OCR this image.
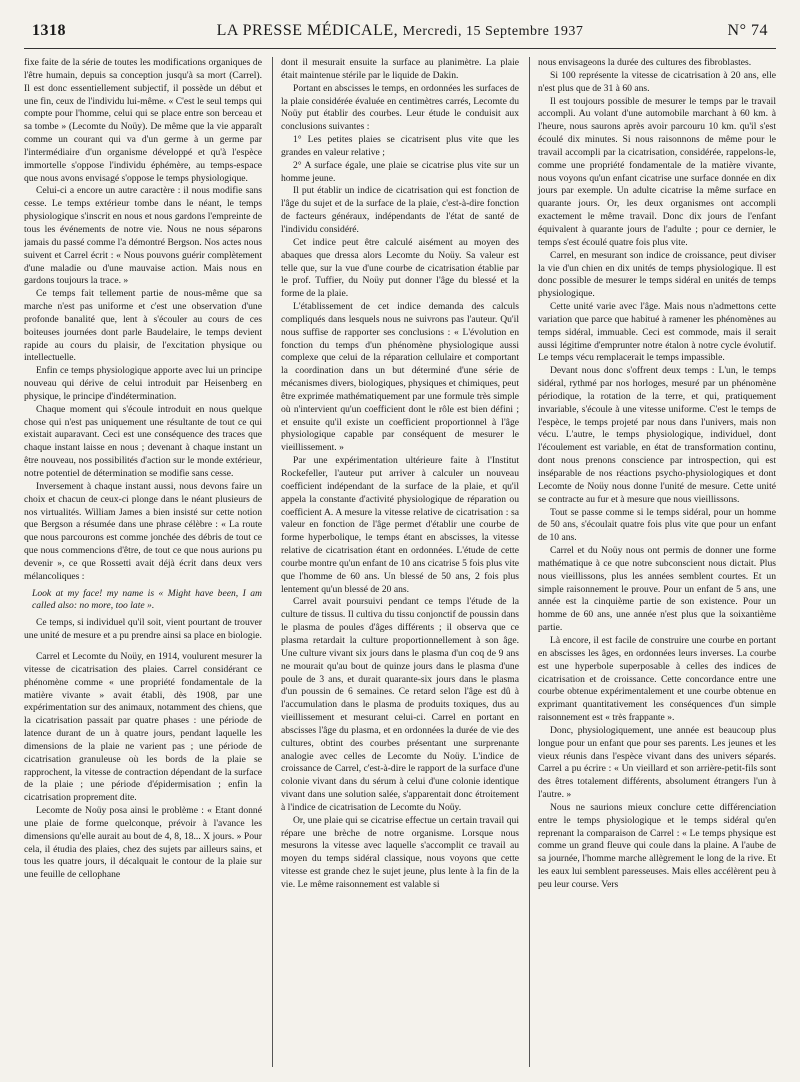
1318	LA PRESSE MÉDICALE, Mercredi, 15 Septembre 1937	N° 74

fixe faite de la série de toutes les modifications organiques de l'être humain, depuis sa conception jusqu'à sa mort (Carrel). Il est donc essentiellement subjectif, il possède un début et une fin, ceux de l'individu lui-même. « C'est le seul temps qui compte pour l'homme, celui qui se place entre son berceau et sa tombe » (Lecomte du Noüy). De même que la vie apparaît comme un courant qui va d'un germe à un germe par l'intermédiaire d'un organisme développé et qu'à l'espèce immortelle s'oppose l'individu éphémère, au temps-espace que nous avons envisagé s'oppose le temps physiologique.

Celui-ci a encore un autre caractère : il nous modifie sans cesse. Le temps extérieur tombe dans le néant, le temps physiologique s'inscrit en nous et nous gardons l'empreinte de tous les événements de notre vie. Nous ne nous séparons jamais du passé comme l'a démontré Bergson. Nos actes nous suivent et Carrel écrit : « Nous pouvons guérir complètement d'une maladie ou d'une mauvaise action. Mais nous en gardons toujours la trace. »

Ce temps fait tellement partie de nous-même que sa marche n'est pas uniforme et c'est une observation d'une profonde banalité que, lent à s'écouler au cours de ces boiteuses journées dont parle Baudelaire, le temps devient rapide au cours du plaisir, de l'excitation physique ou intellectuelle.

Enfin ce temps physiologique apporte avec lui un principe nouveau qui dérive de celui introduit par Heisenberg en physique, le principe d'indétermination.

Chaque moment qui s'écoule introduit en nous quelque chose qui n'est pas uniquement une résultante de tout ce qui existait auparavant. Ceci est une conséquence des traces que chaque instant laisse en nous ; devenant à chaque instant un être nouveau, nos possibilités d'action sur le monde extérieur, notre potentiel de détermination se modifie sans cesse.

Inversement à chaque instant aussi, nous devons faire un choix et chacun de ceux-ci plonge dans le néant plusieurs de nos virtualités. William James a bien insisté sur cette notion que Bergson a résumée dans une phrase célèbre : « La route que nous parcourons est comme jonchée des débris de tout ce que nous commencions d'être, de tout ce que nous aurions pu devenir », ce que Rossetti avait déjà écrit dans deux vers mélancoliques :

Look at my face! my name is « Might have been, I am called also: no more, too late ».

Ce temps, si individuel qu'il soit, vient pourtant de trouver une unité de mesure et a pu prendre ainsi sa place en biologie.

Carrel et Lecomte du Noüy, en 1914, voulurent mesurer la vitesse de cicatrisation des plaies. Carrel considérant ce phénomène comme « une propriété fondamentale de la matière vivante » avait établi, dès 1908, par une expérimentation sur des animaux, notamment des chiens, que la cicatrisation passait par quatre phases : une période de latence durant de un à quatre jours, pendant laquelle les dimensions de la plaie ne varient pas ; une période de cicatrisation granuleuse où les bords de la plaie se rapprochent, la vitesse de contraction dépendant de la surface de la plaie ; une période d'épidermisation ; enfin la cicatrisation proprement dite.

Lecomte de Noüy posa ainsi le problème : « Etant donné une plaie de forme quelconque, prévoir à l'avance les dimensions qu'elle aurait au bout de 4, 8, 18... X jours. » Pour cela, il étudia des plaies, chez des sujets par ailleurs sains, et tous les quatre jours, il décalquait le contour de la plaie sur une feuille de cellophane

dont il mesurait ensuite la surface au planimètre. La plaie était maintenue stérile par le liquide de Dakin.

Portant en abscisses le temps, en ordonnées les surfaces de la plaie considérée évaluée en centimètres carrés, Lecomte du Noüy put établir des courbes. Leur étude le conduisit aux conclusions suivantes :

1° Les petites plaies se cicatrisent plus vite que les grandes en valeur relative ;

2° A surface égale, une plaie se cicatrise plus vite sur un homme jeune.

Il put établir un indice de cicatrisation qui est fonction de l'âge du sujet et de la surface de la plaie, c'est-à-dire fonction de facteurs généraux, indépendants de l'état de santé de l'individu considéré.

Cet indice peut être calculé aisément au moyen des abaques que dressa alors Lecomte du Noüy. Sa valeur est telle que, sur la vue d'une courbe de cicatrisation établie par le prof. Tuffier, du Noüy put donner l'âge du blessé et la forme de la plaie.

L'établissement de cet indice demanda des calculs compliqués dans lesquels nous ne suivrons pas l'auteur. Qu'il nous suffise de rapporter ses conclusions : « L'évolution en fonction du temps d'un phénomène physiologique aussi complexe que celui de la réparation cellulaire et comportant la coordination dans un but déterminé d'une série de mécanismes divers, biologiques, physiques et chimiques, peut être exprimée mathématiquement par une formule très simple où n'intervient qu'un coefficient dont le rôle est bien défini ; et ensuite qu'il existe un coefficient proportionnel à l'âge physiologique capable par conséquent de mesurer le vieillissement. »

Par une expérimentation ultérieure faite à l'Institut Rockefeller, l'auteur put arriver à calculer un nouveau coefficient indépendant de la surface de la plaie, et qu'il appela la constante d'activité physiologique de réparation ou coefficient A. A mesure la vitesse relative de cicatrisation : sa valeur en fonction de l'âge permet d'établir une courbe de forme hyperbolique, le temps étant en abscisses, la vitesse relative de cicatrisation étant en ordonnées. L'étude de cette courbe montre qu'un enfant de 10 ans cicatrise 5 fois plus vite que l'homme de 60 ans. Un blessé de 50 ans, 2 fois plus lentement qu'un blessé de 20 ans.

Carrel avait poursuivi pendant ce temps l'étude de la culture de tissus. Il cultiva du tissu conjonctif de poussin dans le plasma de poules d'âges différents ; il observa que ce plasma retardait la culture proportionnellement à son âge. Une culture vivant six jours dans le plasma d'un coq de 9 ans ne mourait qu'au bout de quinze jours dans le plasma d'une poule de 3 ans, et durait quarante-six jours dans le plasma d'un poussin de 6 semaines. Ce retard selon l'âge est dû à l'accumulation dans le plasma de produits toxiques, dus au vieillissement et mesurant celui-ci. Carrel en portant en abscisses l'âge du plasma, et en ordonnées la durée de vie des cultures, obtint des courbes présentant une surprenante analogie avec celles de Lecomte du Noüy. L'indice de croissance de Carrel, c'est-à-dire le rapport de la surface d'une colonie vivant dans du sérum à celui d'une colonie identique vivant dans une solution salée, s'apparentait donc étroitement à l'indice de cicatrisation de Lecomte du Noüy.

Or, une plaie qui se cicatrise effectue un certain travail qui répare une brèche de notre organisme. Lorsque nous mesurons la vitesse avec laquelle s'accomplit ce travail au moyen du temps sidéral classique, nous voyons que cette vitesse est grande chez le sujet jeune, plus lente à la fin de la vie. Le même raisonnement est valable si

nous envisageons la durée des cultures des fibroblastes.

Si 100 représente la vitesse de cicatrisation à 20 ans, elle n'est plus que de 31 à 60 ans.

Il est toujours possible de mesurer le temps par le travail accompli. Au volant d'une automobile marchant à 60 km. à l'heure, nous saurons après avoir parcouru 10 km. qu'il s'est écoulé dix minutes. Si nous raisonnons de même pour le travail accompli par la cicatrisation, considérée, rappelons-le, comme une propriété fondamentale de la matière vivante, nous voyons qu'un enfant cicatrise une surface donnée en dix jours par exemple. Un adulte cicatrise la même surface en quarante jours. Or, les deux organismes ont accompli exactement le même travail. Donc dix jours de l'enfant équivalent à quarante jours de l'adulte ; pour ce dernier, le temps s'est écoulé quatre fois plus vite.

Carrel, en mesurant son indice de croissance, peut diviser la vie d'un chien en dix unités de temps physiologique. Il est donc possible de mesurer le temps sidéral en unités de temps physiologique.

Cette unité varie avec l'âge. Mais nous n'admettons cette variation que parce que habitué à ramener les phénomènes au temps sidéral, immuable. Ceci est commode, mais il serait aussi légitime d'emprunter notre étalon à notre cycle évolutif. Le temps vécu remplacerait le temps impassible.

Devant nous donc s'offrent deux temps : L'un, le temps sidéral, rythmé par nos horloges, mesuré par un phénomène périodique, la rotation de la terre, et qui, pratiquement invariable, s'écoule à une vitesse uniforme. C'est le temps de l'espèce, le temps projeté par nous dans l'univers, mais non vécu. L'autre, le temps physiologique, individuel, dont l'écoulement est variable, en état de transformation continu, dont nous prenons conscience par introspection, qui est inséparable de nos réactions psycho-physiologiques et dont Lecomte de Noüy nous donne l'unité de mesure. Cette unité se contracte au fur et à mesure que nous vieillissons.

Tout se passe comme si le temps sidéral, pour un homme de 50 ans, s'écoulait quatre fois plus vite que pour un enfant de 10 ans.

Carrel et du Noüy nous ont permis de donner une forme mathématique à ce que notre subconscient nous dictait. Plus nous vieillissons, plus les années semblent courtes. Et un simple raisonnement le prouve. Pour un enfant de 5 ans, une année est la cinquième partie de son existence. Pour un homme de 60 ans, une année n'est plus que la soixantième partie.

Là encore, il est facile de construire une courbe en portant en abscisses les âges, en ordonnées leurs inverses. La courbe est une hyperbole superposable à celles des indices de cicatrisation et de croissance. Cette concordance entre une courbe obtenue expérimentalement et une courbe obtenue en exprimant quantitativement les conséquences d'un simple raisonnement est « très frappante ».

Donc, physiologiquement, une année est beaucoup plus longue pour un enfant que pour ses parents. Les jeunes et les vieux réunis dans l'espèce vivant dans des univers séparés. Carrel a pu écrire : « Un vieillard et son arrière-petit-fils sont des êtres totalement différents, absolument étrangers l'un à l'autre. »

Nous ne saurions mieux conclure cette différenciation entre le temps physiologique et le temps sidéral qu'en reprenant la comparaison de Carrel : « Le temps physique est comme un grand fleuve qui coule dans la plaine. A l'aube de sa journée, l'homme marche allègrement le long de la rive. Et les eaux lui semblent paresseuses. Mais elles accélèrent peu à peu leur course. Vers
